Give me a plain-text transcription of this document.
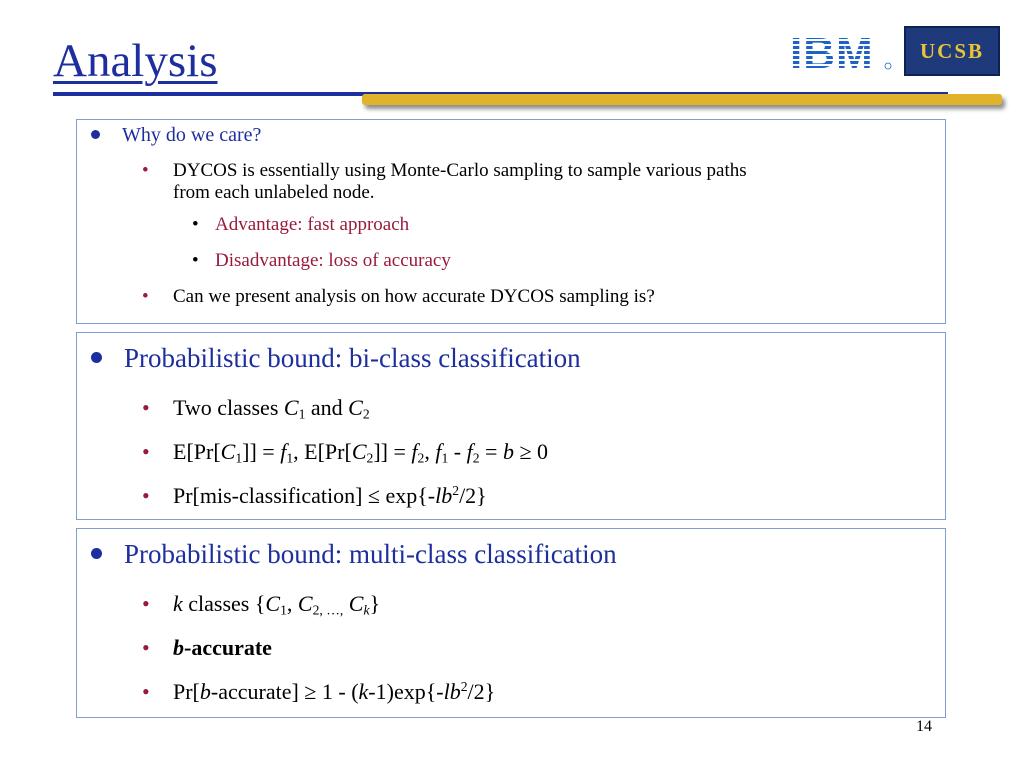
Analysis	IBM UCSB
Why do we care?
•	DYCOS is essentially using Monte-Carlo sampling to sample various paths
from each unlabeled node.
• Advantage: fast approach
• Disadvantage: loss of accuracy
•	Can we present analysis on how accurate DYCOS sampling is?
Probabilistic bound: bi-class classification
•	Two classes $C_1$ and $C_2$
•	$E[Pr[C_1]] = f_1$, $E[Pr[C_2]] = f_2$, $f_1 - f_2 = b \ge 0$
•	Pr[mis-classification] ≤ $\exp\{-lb^2/2\}$
Probabilistic bound: multi-class classification
•	k classes {$C_1$, $C_{2, \dots,}$ $C_k$}
•	b-accurate
•	Pr[b-accurate] ≥ $1 - (k-1)\exp\{-lb^2/2\}$
14
